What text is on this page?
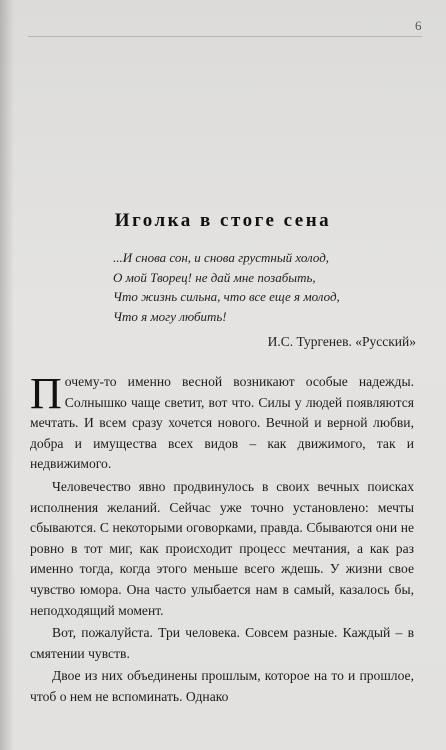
6
Иголка в стоге сена
...И снова сон, и снова грустный холод,
О мой Творец! не дай мне позабыть,
Что жизнь сильна, что все еще я молод,
Что я могу любить!
И.С. Тургенев. «Русский»

Почему-то именно весной возникают особые надежды. Солнышко чаще светит, вот что. Силы у людей появляются мечтать. И всем сразу хочется нового. Вечной и верной любви, добра и имущества всех видов – как движимого, так и недвижимого.

Человечество явно продвинулось в своих вечных поисках исполнения желаний. Сейчас уже точно установлено: мечты сбываются. С некоторыми оговорками, правда. Сбываются они не ровно в тот миг, как происходит процесс мечтания, а как раз именно тогда, когда этого меньше всего ждешь. У жизни свое чувство юмора. Она часто улыбается нам в самый, казалось бы, неподходящий момент.

Вот, пожалуйста. Три человека. Совсем разные. Каждый – в смятении чувств.

Двое из них объединены прошлым, которое на то и прошлое, чтоб о нем не вспоминать. Однако
